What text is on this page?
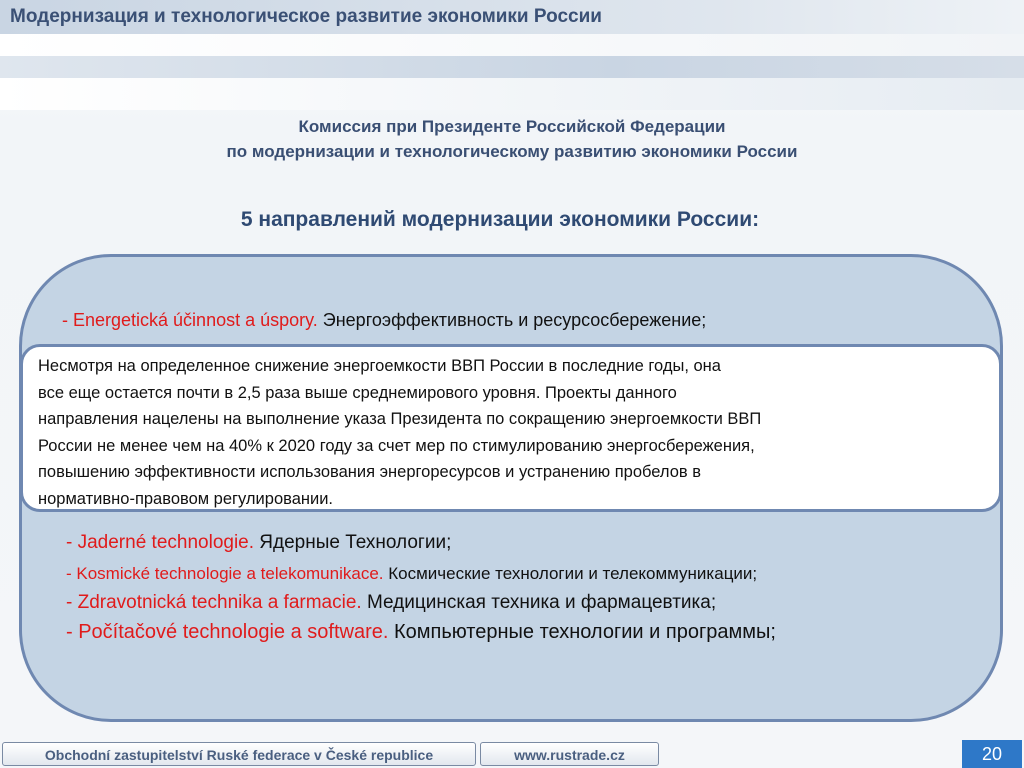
Модернизация и технологическое развитие экономики России
Комиссия при Президенте Российской Федерации
по модернизации и технологическому развитию экономики России
5 направлений модернизации экономики России:
- Energetická účinnost a úspory. Энергоэффективность и ресурсосбережение;
Несмотря на определенное снижение энергоемкости ВВП России в последние годы, она
все еще остается почти в 2,5 раза выше среднемирового уровня. Проекты данного
направления нацелены на выполнение указа Президента по сокращению энергоемкости ВВП
России не менее чем на 40% к 2020 году за счет мер по стимулированию энергосбережения,
повышению эффективности использования энергоресурсов и устранению пробелов в
нормативно-правовом регулировании.
- Jaderné technologie. Ядерные Технологии;
- Kosmické technologie a telekomunikace. Космические технологии и телекоммуникации;
- Zdravotnická technika a farmacie. Медицинская техника и фармацевтика;
- Počítačové technologie a software. Компьютерные технологии и программы;
Obchodní zastupitelství Ruské federace v České republice	www.rustrade.cz	20
